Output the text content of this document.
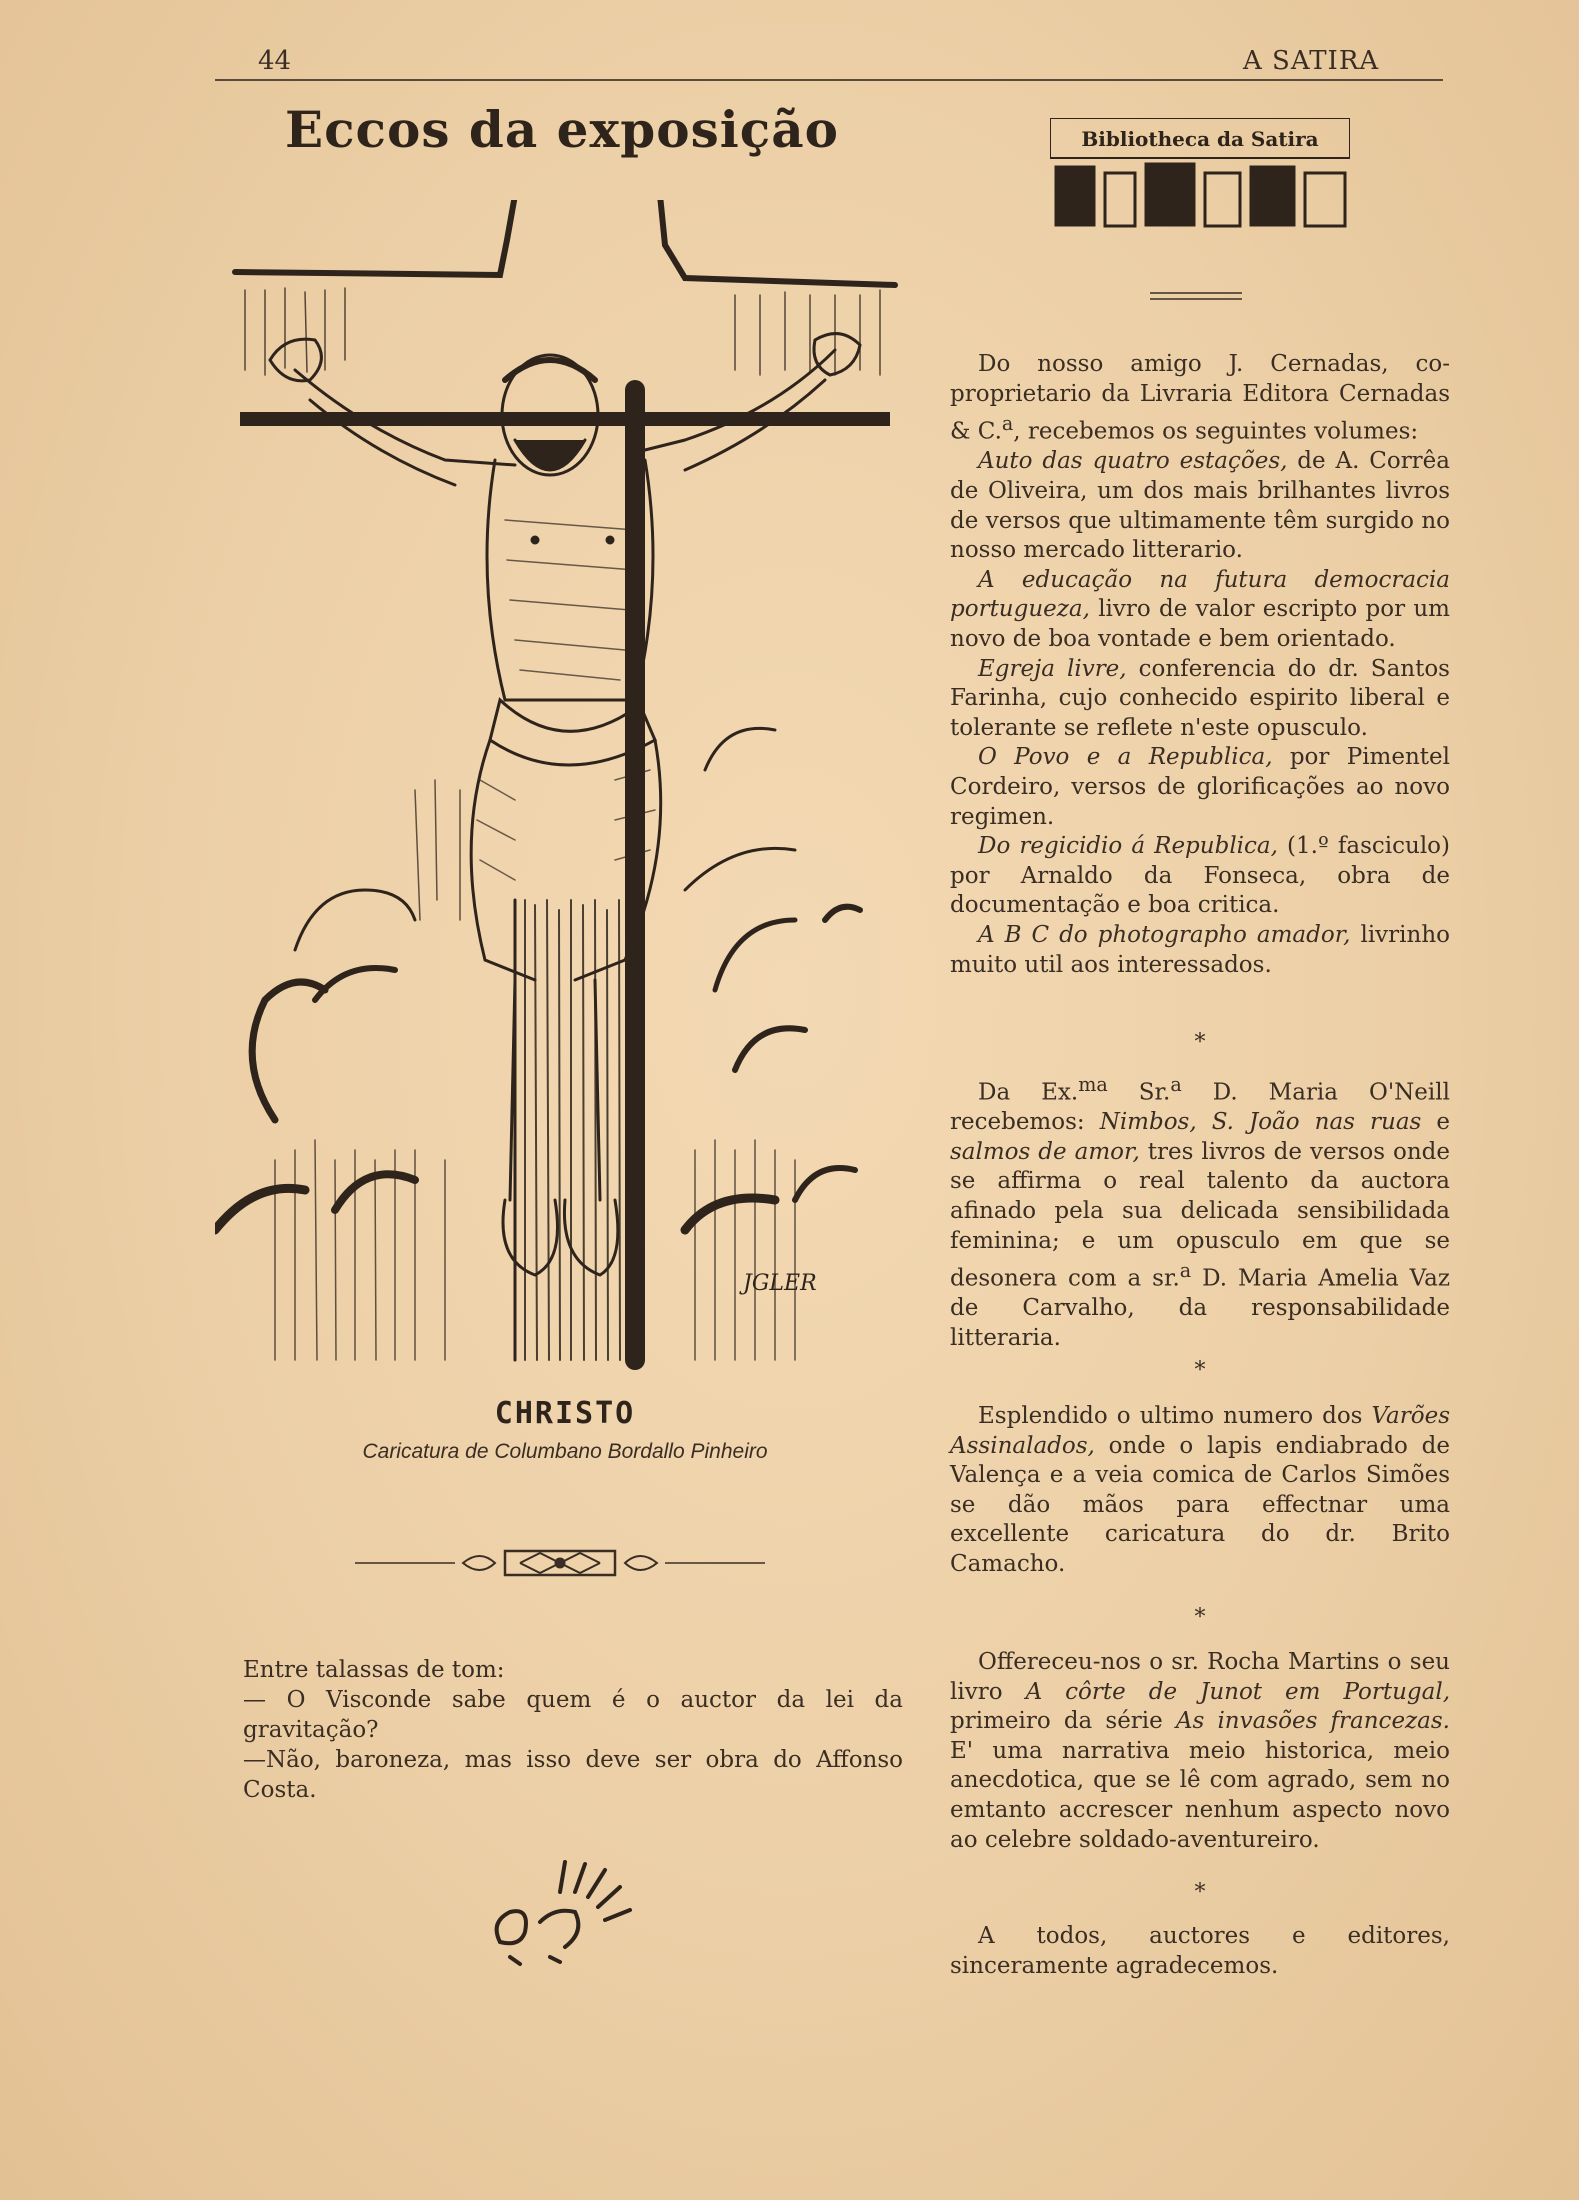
44	A SATIRA
Eccos da exposição
JGLER
CHRISTO
Caricatura de Columbano Bordallo Pinheiro

Entre talassas de tom:

— O Visconde sabe quem é o auctor da lei da gravitação?

—Não, baroneza, mas isso deve ser obra do Affonso Costa.

Bibliotheca da Satira

Do nosso amigo J. Cernadas, co-proprietario da Livraria Editora Cernadas & C.$^a$, recebemos os seguintes volumes:

Auto das quatro estações, de A. Corrêa de Oliveira, um dos mais brilhantes livros de versos que ultimamente têm surgido no nosso mercado litterario.

A educação na futura democracia portugueza, livro de valor escripto por um novo de boa vontade e bem orientado.

Egreja livre, conferencia do dr. Santos Farinha, cujo conhecido espirito liberal e tolerante se reflete n'este opusculo.

O Povo e a Republica, por Pimentel Cordeiro, versos de glorificações ao novo regimen.

Do regicidio á Republica, (1.º fasciculo) por Arnaldo da Fonseca, obra de documentação e boa critica.

A B C do photographo amador, livrinho muito util aos interessados.

*

Da Ex.$^{ma}$ Sr.$^a$ D. Maria O'Neill recebemos: Nimbos, S. João nas ruas e salmos de amor, tres livros de versos onde se affirma o real talento da auctora afinado pela sua delicada sensibilidada feminina; e um opusculo em que se desonera com a sr.$^a$ D. Maria Amelia Vaz de Carvalho, da responsabilidade litteraria.

*

Esplendido o ultimo numero dos Varões Assinalados, onde o lapis endiabrado de Valença e a veia comica de Carlos Simões se dão mãos para effectnar uma excellente caricatura do dr. Brito Camacho.

*

Offereceu-nos o sr. Rocha Martins o seu livro A côrte de Junot em Portugal, primeiro da série As invasões francezas. E' uma narrativa meio historica, meio anecdotica, que se lê com agrado, sem no emtanto accrescer nenhum aspecto novo ao celebre soldado-aventureiro.

*

A todos, auctores e editores, sinceramente agradecemos.
